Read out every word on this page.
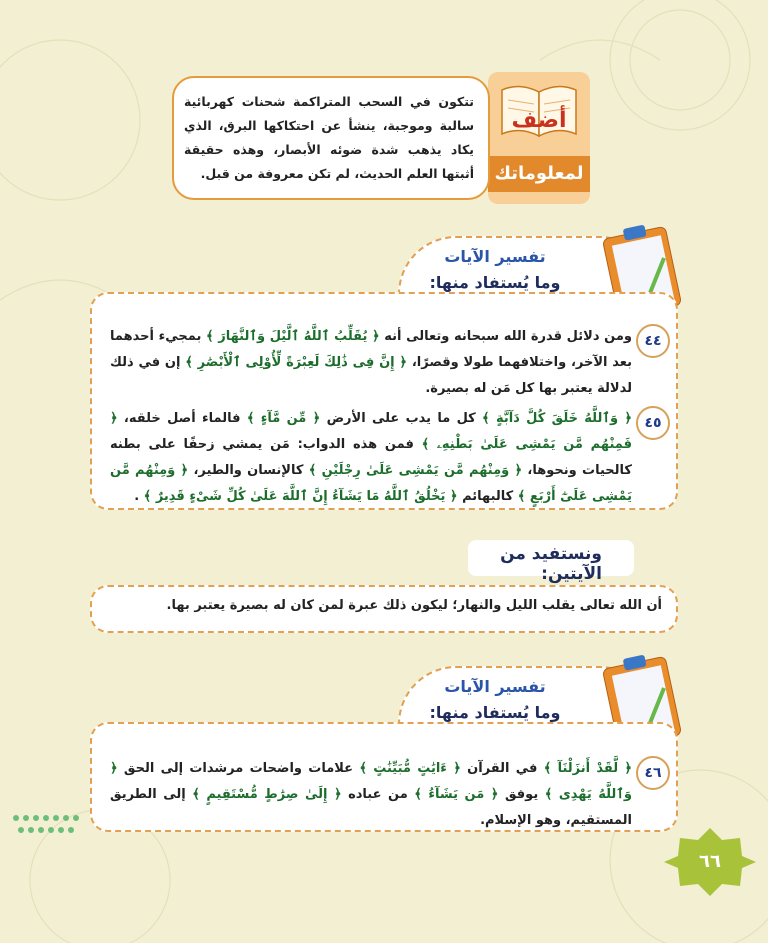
أضف
لمعلوماتك
تتكون في السحب المتراكمة شحنات كهربائية سالبة وموجبة، ينشأ عن احتكاكها البرق، الذي يكاد يذهب شدة ضوئه الأبصار، وهذه حقيقة أثبتها العلم الحديث، لم تكن معروفة من قبل.
تفسير الآيات
وما يُستفاد منها:
٤٤
ومن دلائل قدرة الله سبحانه وتعالى أنه ﴿ يُقَلِّبُ ٱللَّهُ ٱلَّيْلَ وَٱلنَّهَارَ ﴾ بمجيء أحدهما بعد الآخر، واختلافهما طولا وقصرًا، ﴿ إِنَّ فِى ذَٰلِكَ لَعِبْرَةً لِّأُوْلِى ٱلْأَبْصَٰرِ ﴾ إن في ذلك لدلالة يعتبر بها كل مَن له بصيرة.
٤٥
﴿ وَٱللَّهُ خَلَقَ كُلَّ دَآبَّةٍ ﴾ كل ما يدب على الأرض ﴿ مِّن مَّآءٍ ﴾ فالماء أصل خلقه، ﴿ فَمِنْهُم مَّن يَمْشِى عَلَىٰ بَطْنِهِۦ ﴾ فمن هذه الدواب: مَن يمشي زحفًا على بطنه كالحيات ونحوها، ﴿ وَمِنْهُم مَّن يَمْشِى عَلَىٰ رِجْلَيْنِ ﴾ كالإنسان والطير، ﴿ وَمِنْهُم مَّن يَمْشِى عَلَىٰٓ أَرْبَعٍ ﴾ كالبهائم ﴿ يَخْلُقُ ٱللَّهُ مَا يَشَآءُ إِنَّ ٱللَّهَ عَلَىٰ كُلِّ شَىْءٍ قَدِيرٌ ﴾ .
ونستفيد من الآيتين:
أن الله تعالى يقلب الليل والنهار؛ ليكون ذلك عبرة لمن كان له بصيرة يعتبر بها.
تفسير الآيات
وما يُستفاد منها:
٤٦
﴿ لَّقَدْ أَنزَلْنَآ ﴾ في القرآن ﴿ ءَايَٰتٍ مُّبَيِّنَٰتٍ ﴾ علامات واضحات مرشدات إلى الحق ﴿ وَٱللَّهُ يَهْدِى ﴾ يوفق ﴿ مَن يَشَآءُ ﴾ من عباده ﴿ إِلَىٰ صِرَٰطٍ مُّسْتَقِيمٍ ﴾ إلى الطريق المستقيم، وهو الإسلام.
٦٦
